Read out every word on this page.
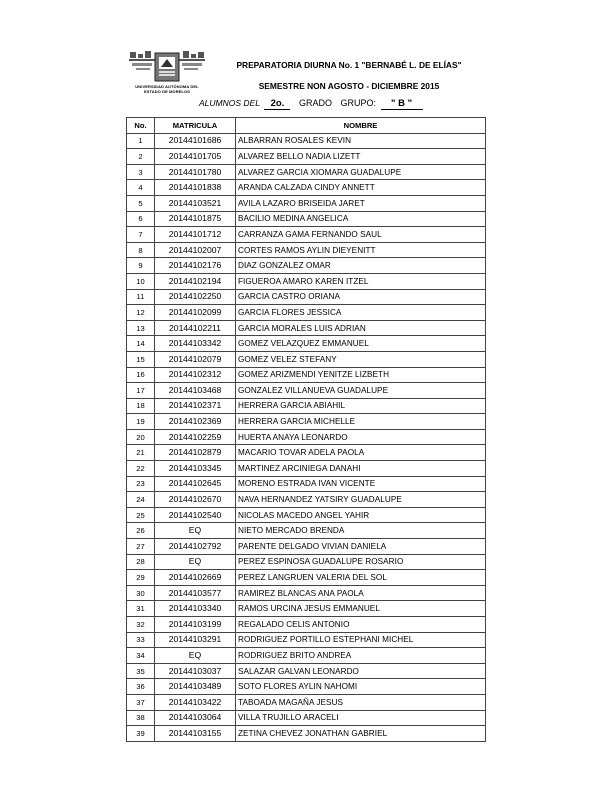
UNIVERSIDAD AUTÓNOMA DEL
ESTADO DE MORELOS
PREPARATORIA DIURNA No. 1 "BERNABÉ L. DE ELÍAS"
SEMESTRE NON AGOSTO - DICIEMBRE 2015
ALUMNOS DEL 2o. GRADO GRUPO: " B "
No.	MATRICULA	NOMBRE
1	20144101686	ALBARRAN ROSALES KEVIN
2	20144101705	ALVAREZ BELLO NADIA LIZETT
3	20144101780	ALVAREZ GARCIA XIOMARA GUADALUPE
4	20144101838	ARANDA CALZADA CINDY ANNETT
5	20144103521	AVILA LAZARO BRISEIDA JARET
6	20144101875	BACILIO MEDINA ANGELICA
7	20144101712	CARRANZA GAMA FERNANDO SAUL
8	20144102007	CORTES RAMOS AYLIN DIEYENITT
9	20144102176	DIAZ GONZALEZ OMAR
10	20144102194	FIGUEROA AMARO KAREN ITZEL
11	20144102250	GARCIA CASTRO ORIANA
12	20144102099	GARCIA FLORES JESSICA
13	20144102211	GARCIA MORALES LUIS ADRIAN
14	20144103342	GOMEZ VELAZQUEZ EMMANUEL
15	20144102079	GOMEZ VELEZ STEFANY
16	20144102312	GOMEZ ARIZMENDI YENITZE LIZBETH
17	20144103468	GONZALEZ VILLANUEVA GUADALUPE
18	20144102371	HERRERA GARCIA ABIAHIL
19	20144102369	HERRERA GARCIA MICHELLE
20	20144102259	HUERTA ANAYA LEONARDO
21	20144102879	MACARIO TOVAR ADELA PAOLA
22	20144103345	MARTINEZ ARCINIEGA DANAHI
23	20144102645	MORENO ESTRADA IVAN VICENTE
24	20144102670	NAVA HERNANDEZ YATSIRY GUADALUPE
25	20144102540	NICOLAS MACEDO ANGEL YAHIR
26	EQ	NIETO MERCADO BRENDA
27	20144102792	PARENTE DELGADO VIVIAN DANIELA
28	EQ	PEREZ ESPINOSA GUADALUPE ROSARIO
29	20144102669	PEREZ LANGRUEN VALERIA DEL SOL
30	20144103577	RAMIREZ BLANCAS ANA PAOLA
31	20144103340	RAMOS URCINA JESUS EMMANUEL
32	20144103199	REGALADO CELIS ANTONIO
33	20144103291	RODRIGUEZ PORTILLO ESTEPHANI MICHEL
34	EQ	RODRIGUEZ BRITO ANDREA
35	20144103037	SALAZAR GALVAN LEONARDO
36	20144103489	SOTO FLORES AYLIN NAHOMI
37	20144103422	TABOADA MAGAÑA JESUS
38	20144103064	VILLA TRUJILLO ARACELI
39	20144103155	ZETINA CHEVEZ JONATHAN GABRIEL
